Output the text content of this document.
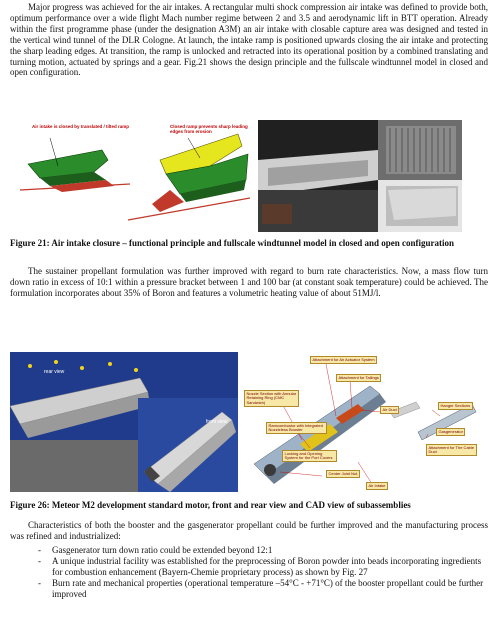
Major progress was achieved for the air intakes. A rectangular multi shock compression air intake was defined to provide both, optimum performance over a wide flight Mach number regime between 2 and 3.5 and aerodynamic lift in BTT operation. Already within the first programme phase (under the designation A3M) an air intake with closable capture area was designed and tested in the vertical wind tunnel of the DLR Cologne. At launch, the intake ramp is positioned upwards closing the air intake and protecting the sharp leading edges. At transition, the ramp is unlocked and retracted into its operational position by a combined translating and turning motion, actuated by springs and a gear. Fig.21 shows the design principle and the fullscale windtunnel model in closed and open configuration.

Air intake is closed by translated / tilted ramp	Closed ramp prevents sharp leading edges from erosion

Figure 21: Air intake closure – functional principle and fullscale windtunnel model in closed and open configuration

The sustainer propellant formulation was further improved with regard to burn rate characteristics. Now, a mass flow turn down ratio in excess of 10:1 within a pressure bracket between 1 and 100 bar (at constant soak temperature) could be achieved. The formulation incorporates about 35% of Boron and features a volumetric heating value of about 51MJ/l.

rear view
front view
Attachment for Air Actuator System
Attachment for Tailings
Nozzle Section with Annular Retaining Ring (CMC Sandwich)
Air Duct
Hanger Sections
Gasgenerator
Ramcombustor with Integrated Nozzleless Booster
Attachment for The Cable Duct
Locking and Opening System for the Port Covers
Center Joint Nut
Air Intake

Figure 26: Meteor M2 development standard motor, front and rear view and CAD view of subassemblies

Characteristics of both the booster and the gasgenerator propellant could be further improved and the manufacturing process was refined and industrialized:

- Gasgenerator turn down ratio could be extended beyond 12:1
- A unique industrial facility was established for the preprocessing of Boron powder into beads incorporating ingredients for combustion enhancement (Bayern-Chemie proprietary process) as shown by Fig. 27
- Burn rate and mechanical properties (operational temperature –54°C - +71°C) of the booster propellant could be further improved
